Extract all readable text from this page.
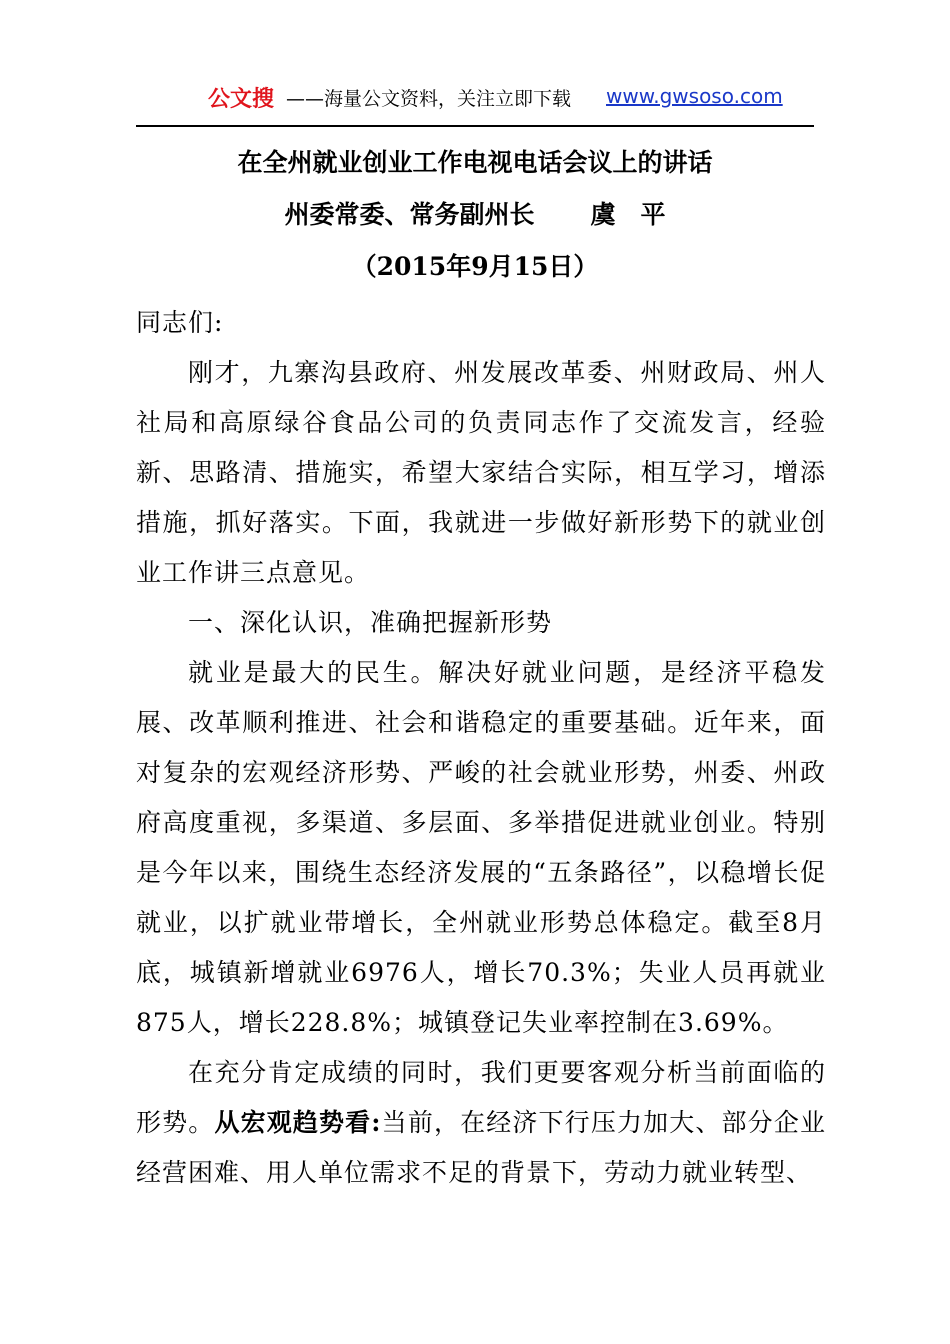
公文搜 ——海量公文资料，关注立即下载 www.gwsoso.com
在全州就业创业工作电视电话会议上的讲话
州委常委、常务副州长 虞　平
（2015年9月15日）

同志们:

刚才，九寨沟县政府、州发展改革委、州财政局、州人社局和高原绿谷食品公司的负责同志作了交流发言，经验新、思路清、措施实，希望大家结合实际，相互学习，增添措施，抓好落实。下面，我就进一步做好新形势下的就业创业工作讲三点意见。

一、深化认识，准确把握新形势

就业是最大的民生。解决好就业问题，是经济平稳发展、改革顺利推进、社会和谐稳定的重要基础。近年来，面对复杂的宏观经济形势、严峻的社会就业形势，州委、州政府高度重视，多渠道、多层面、多举措促进就业创业。特别是今年以来，围绕生态经济发展的“五条路径”，以稳增长促就业，以扩就业带增长，全州就业形势总体稳定。截至8月底，城镇新增就业6976人，增长70.3%；失业人员再就业875人，增长228.8%；城镇登记失业率控制在3.69%。

在充分肯定成绩的同时，我们更要客观分析当前面临的形势。从宏观趋势看:当前，在经济下行压力加大、部分企业经营困难、用人单位需求不足的背景下，劳动力就业转型、
